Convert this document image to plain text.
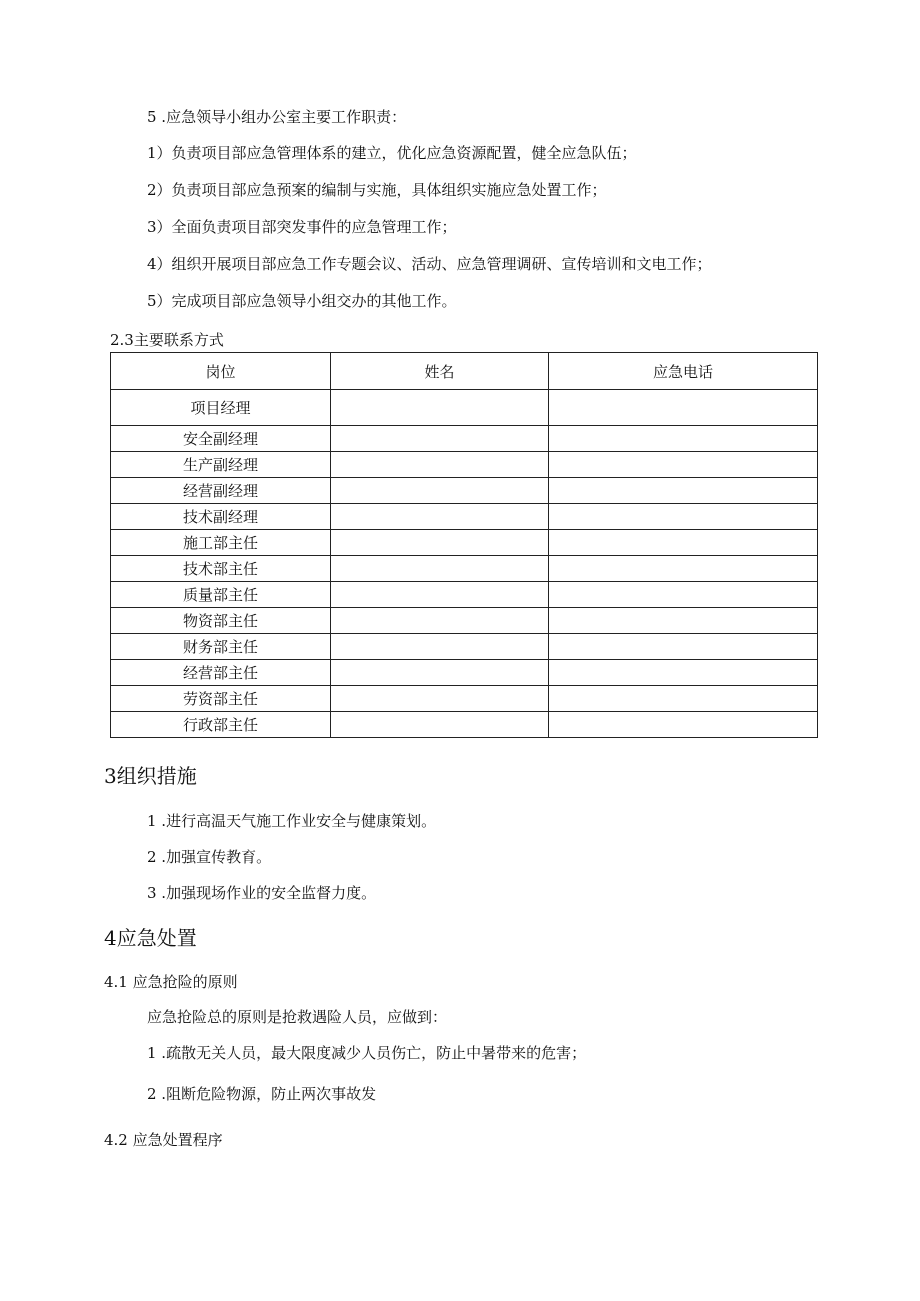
5 .应急领导小组办公室主要工作职责：
1）负责项目部应急管理体系的建立，优化应急资源配置，健全应急队伍；
2）负责项目部应急预案的编制与实施，具体组织实施应急处置工作；
3）全面负责项目部突发事件的应急管理工作；
4）组织开展项目部应急工作专题会议、活动、应急管理调研、宣传培训和文电工作；
5）完成项目部应急领导小组交办的其他工作。
2.3主要联系方式
岗位	姓名	应急电话
项目经理		
安全副经理		
生产副经理		
经营副经理		
技术副经理		
施工部主任		
技术部主任		
质量部主任		
物资部主任		
财务部主任		
经营部主任		
劳资部主任		
行政部主任		
3组织措施
1 .进行高温天气施工作业安全与健康策划。
2 .加强宣传教育。
3 .加强现场作业的安全监督力度。
4应急处置
4.1 应急抢险的原则
应急抢险总的原则是抢救遇险人员，应做到：
1 .疏散无关人员，最大限度减少人员伤亡，防止中暑带来的危害；
2 .阻断危险物源，防止两次事故发
4.2 应急处置程序
